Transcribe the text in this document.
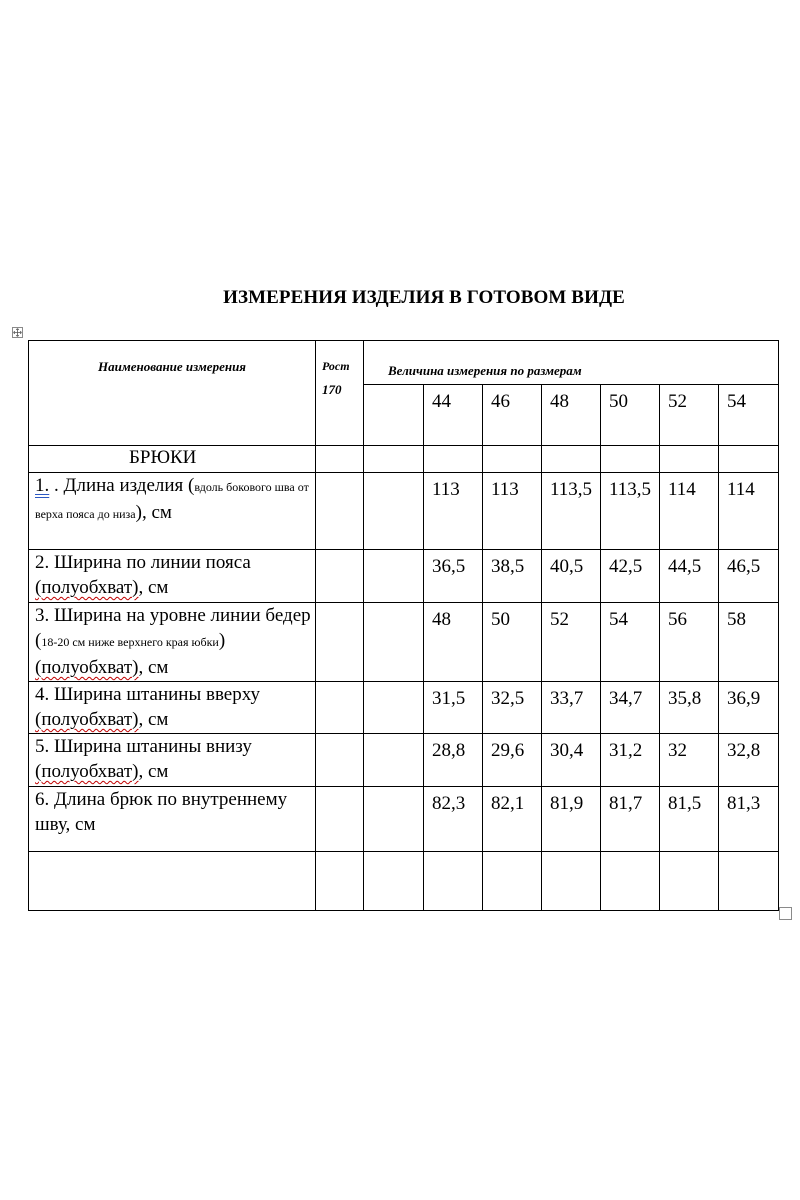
ИЗМЕРЕНИЯ ИЗДЕЛИЯ В ГОТОВОМ ВИДЕ
Наименование измерения	Рост
170	Величина измерения по размерам						
			44	46	48	50	52	54
БРЮКИ								
1. . Длина изделия (вдоль бокового шва от верха пояса до низа), см			113	113	113,5	113,5	114	114
2. Ширина по линии пояса (полуобхват), см			36,5	38,5	40,5	42,5	44,5	46,5
3. Ширина на уровне линии бедер (18-20 см ниже верхнего края юбки) (полуобхват), см			48	50	52	54	56	58
4. Ширина штанины вверху (полуобхват), см			31,5	32,5	33,7	34,7	35,8	36,9
5. Ширина штанины внизу (полуобхват), см			28,8	29,6	30,4	31,2	32	32,8
6. Длина брюк по внутреннему шву, см			82,3	82,1	81,9	81,7	81,5	81,3
